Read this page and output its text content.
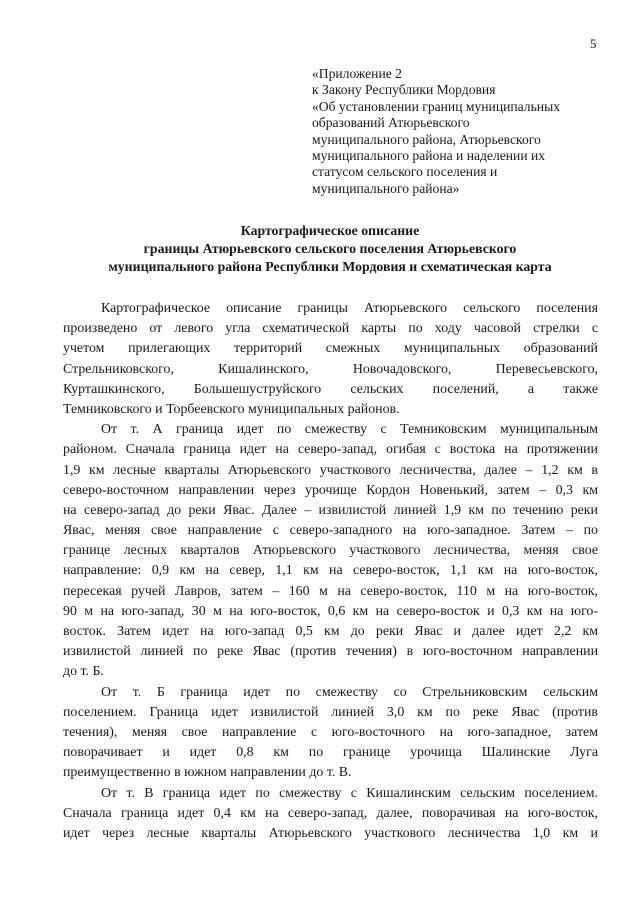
5
«Приложение 2
к Закону Республики Мордовия
«Об установлении границ муниципальных
образований Атюрьевского
муниципального района, Атюрьевского
муниципального района и наделении их
статусом сельского поселения и
муниципального района»
Картографическое описание
границы Атюрьевского сельского поселения Атюрьевского
муниципального района Республики Мордовия и схематическая карта
Картографическое описание границы Атюрьевского сельского поселения
произведено от левого угла схематической карты по ходу часовой стрелки с
учетом прилегающих территорий смежных муниципальных образований
Стрельниковского, Кишалинского, Новочадовского, Перевесьевского,
Курташкинского, Большешуструйского сельских поселений, а также
Темниковского и Торбеевского муниципальных районов.
От т. А граница идет по смежеству с Темниковским муниципальным
районом. Сначала граница идет на северо-запад, огибая с востока на протяжении
1,9 км лесные кварталы Атюрьевского участкового лесничества, далее – 1,2 км в
северо-восточном направлении через урочище Кордон Новенький, затем – 0,3 км
на северо-запад до реки Явас. Далее – извилистой линией 1,9 км по течению реки
Явас, меняя свое направление с северо-западного на юго-западное. Затем – по
границе лесных кварталов Атюрьевского участкового лесничества, меняя свое
направление: 0,9 км на север, 1,1 км на северо-восток, 1,1 км на юго-восток,
пересекая ручей Лавров, затем – 160 м на северо-восток, 110 м на юго-восток,
90 м на юго-запад, 30 м на юго-восток, 0,6 км на северо-восток и 0,3 км на юго-
восток. Затем идет на юго-запад 0,5 км до реки Явас и далее идет 2,2 км
извилистой линией по реке Явас (против течения) в юго-восточном направлении
до т. Б.
От т. Б граница идет по смежеству со Стрельниковским сельским
поселением. Граница идет извилистой линией 3,0 км по реке Явас (против
течения), меняя свое направление с юго-восточного на юго-западное, затем
поворачивает и идет 0,8 км по границе урочища Шалинские Луга
преимущественно в южном направлении до т. В.
От т. В граница идет по смежеству с Кишалинским сельским поселением.
Сначала граница идет 0,4 км на северо-запад, далее, поворачивая на юго-восток,
идет через лесные кварталы Атюрьевского участкового лесничества 1,0 км и
